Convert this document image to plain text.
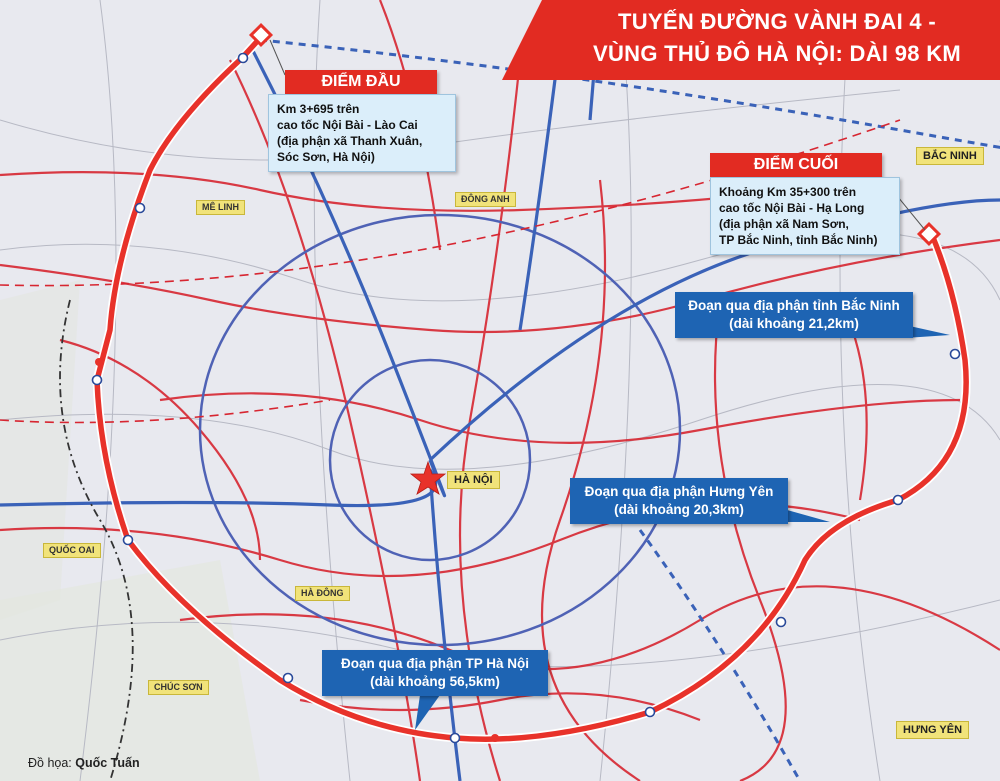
TUYẾN ĐƯỜNG VÀNH ĐAI 4 -
VÙNG THỦ ĐÔ HÀ NỘI: DÀI 98 KM
ĐIỂM ĐẦU
Km 3+695 trên
cao tốc Nội Bài - Lào Cai
(địa phận xã Thanh Xuân,
Sóc Sơn, Hà Nội)	ĐIỂM CUỐI
Khoảng Km 35+300 trên
cao tốc Nội Bài - Hạ Long
(địa phận xã Nam Sơn,
TP Bắc Ninh, tỉnh Bắc Ninh)
Đoạn qua địa phận tỉnh Bắc Ninh
(dài khoảng 21,2km)
Đoạn qua địa phận Hưng Yên
(dài khoảng 20,3km)
Đoạn qua địa phận TP Hà Nội
(dài khoảng 56,5km)
MÊ LINH
ĐÔNG ANH
QUỐC OAI
HÀ ĐÔNG
CHÚC SƠN
HÀ NỘI
BẮC NINH
HƯNG YÊN
Đồ họa: Quốc Tuấn
